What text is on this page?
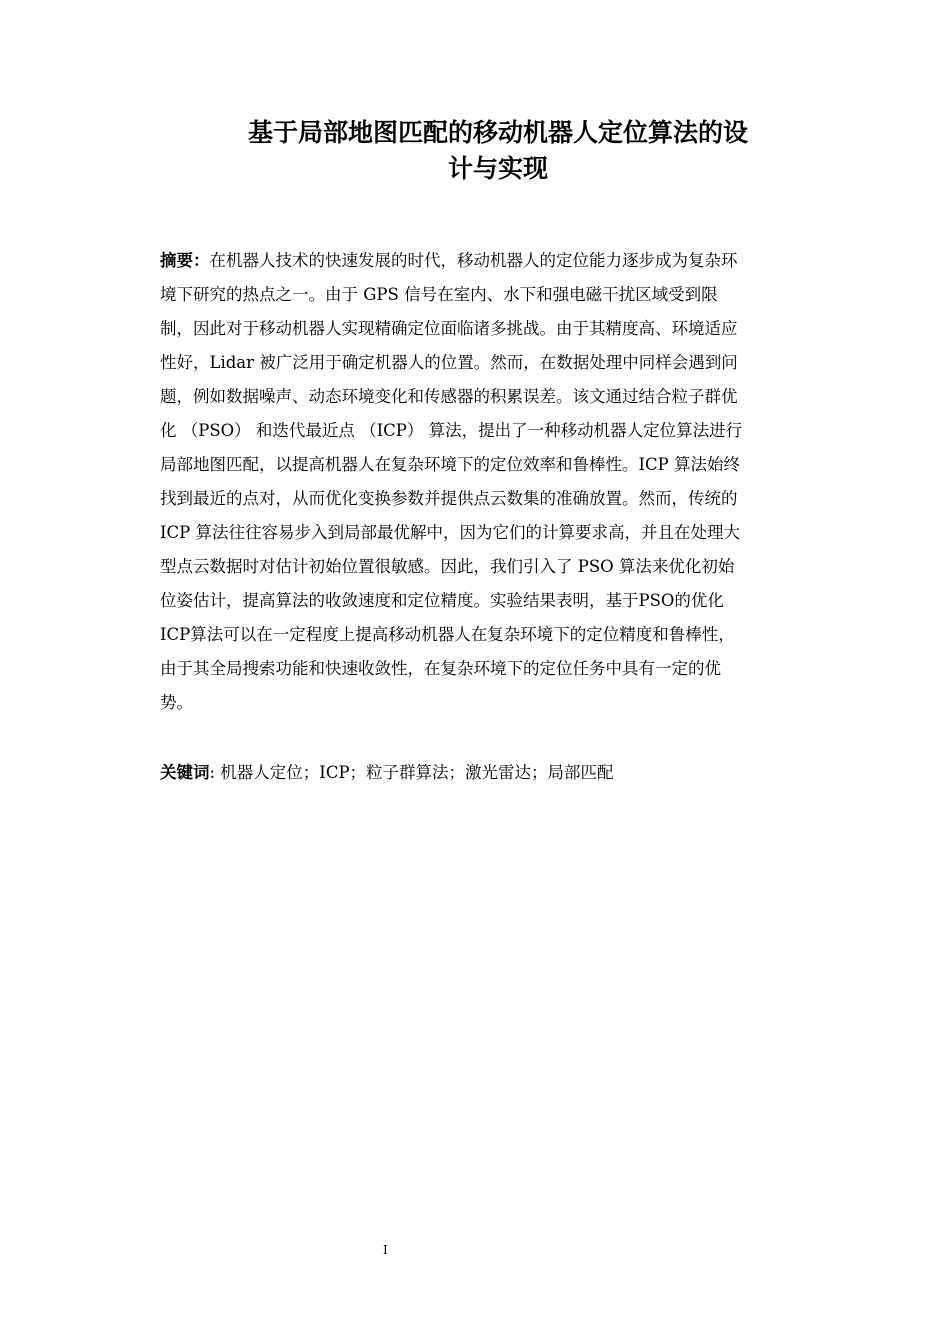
基于局部地图匹配的移动机器人定位算法的设
计与实现
摘要：在机器人技术的快速发展的时代，移动机器人的定位能力逐步成为复杂环
境下研究的热点之一。由于 GPS 信号在室内、水下和强电磁干扰区域受到限
制，因此对于移动机器人实现精确定位面临诸多挑战。由于其精度高、环境适应
性好，Lidar 被广泛用于确定机器人的位置。然而，在数据处理中同样会遇到问
题，例如数据噪声、动态环境变化和传感器的积累误差。该文通过结合粒子群优
化 （PSO） 和迭代最近点 （ICP） 算法，提出了一种移动机器人定位算法进行
局部地图匹配，以提高机器人在复杂环境下的定位效率和鲁棒性。ICP 算法始终
找到最近的点对，从而优化变换参数并提供点云数集的准确放置。然而，传统的
ICP 算法往往容易步入到局部最优解中，因为它们的计算要求高，并且在处理大
型点云数据时对估计初始位置很敏感。因此，我们引入了 PSO 算法来优化初始
位姿估计，提高算法的收敛速度和定位精度。实验结果表明，基于PSO的优化
ICP算法可以在一定程度上提高移动机器人在复杂环境下的定位精度和鲁棒性，
由于其全局搜索功能和快速收敛性，在复杂环境下的定位任务中具有一定的优
势。
关键词: 机器人定位；ICP；粒子群算法；激光雷达；局部匹配
I
